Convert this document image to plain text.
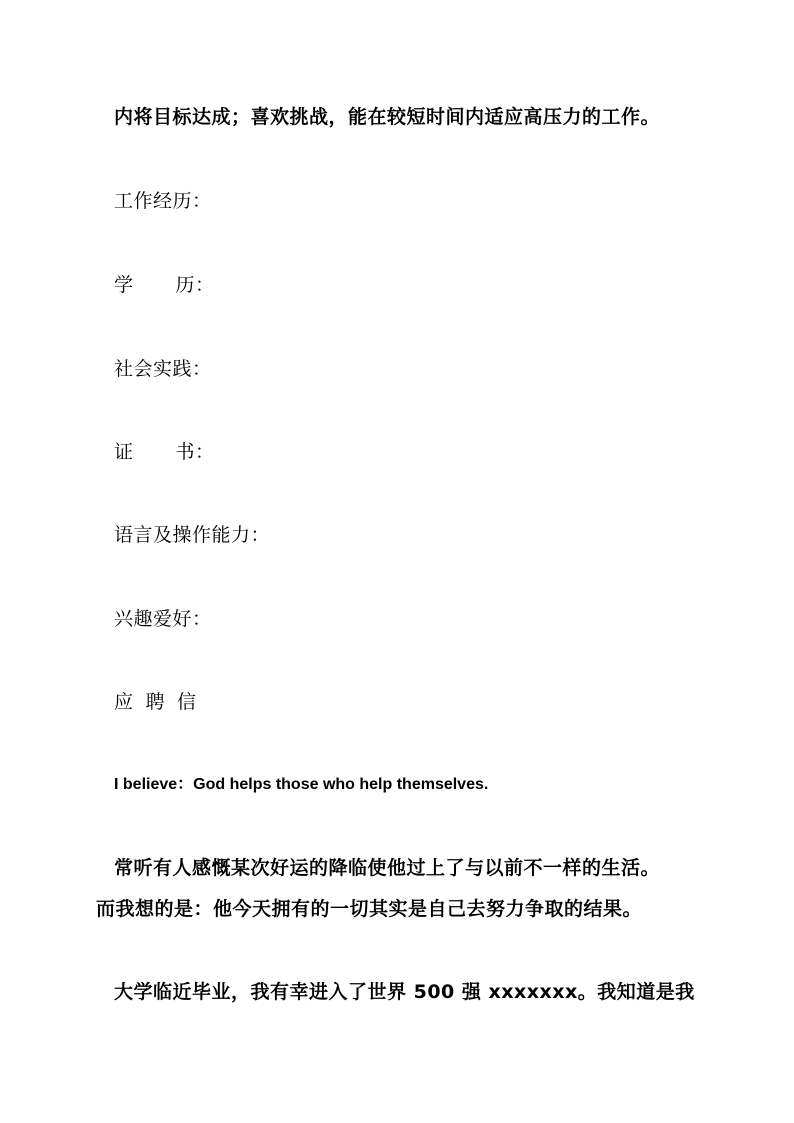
内将目标达成；喜欢挑战，能在较短时间内适应高压力的工作。
工作经历：
学 历：
社会实践：
证 书：
语言及操作能力：
兴趣爱好：
应 聘 信
I believe：God helps those who help themselves.
常听有人感慨某次好运的降临使他过上了与以前不一样的生活。
而我想的是：他今天拥有的一切其实是自己去努力争取的结果。
大学临近毕业，我有幸进入了世界 500 强 xxxxxxx。我知道是我
